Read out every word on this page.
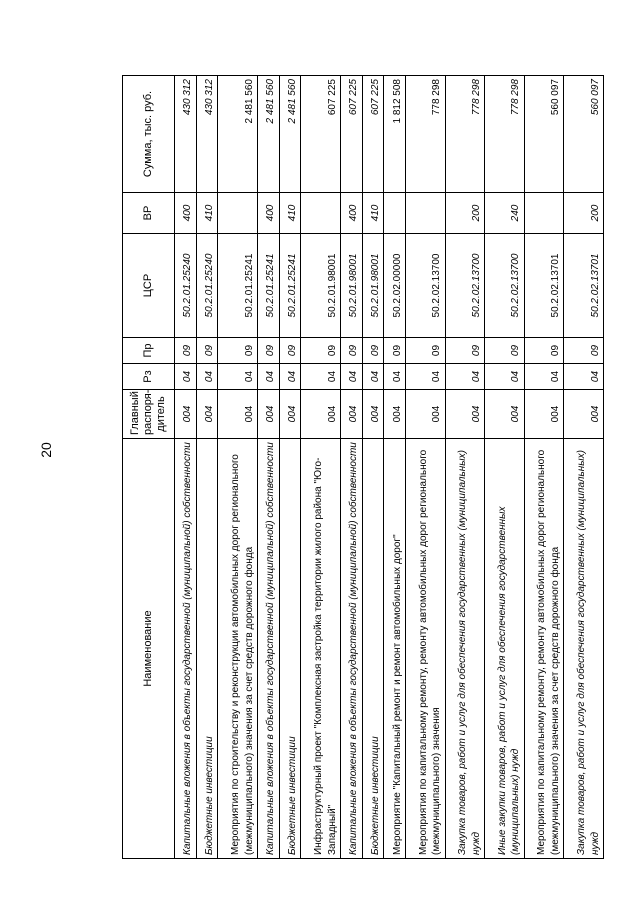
20
Наименование	Главный распоря-дитель	Рз	Пр	ЦСР	ВР	Сумма, тыс. руб.
Капитальные вложения в объекты государственной (муниципальной) собственности	004	04	09	50.2.01.25240	400	430 312
Бюджетные инвестиции	004	04	09	50.2.01.25240	410	430 312
Мероприятия по строительству и реконструкции автомобильных дорог регионального (межмуниципального) значения за счет средств дорожного фонда	004	04	09	50.2.01.25241		2 481 560
Капитальные вложения в объекты государственной (муниципальной) собственности	004	04	09	50.2.01.25241	400	2 481 560
Бюджетные инвестиции	004	04	09	50.2.01.25241	410	2 481 560
Инфраструктурный проект "Комплексная застройка территории жилого района "Юго-Западный"	004	04	09	50.2.01.98001		607 225
Капитальные вложения в объекты государственной (муниципальной) собственности	004	04	09	50.2.01.98001	400	607 225
Бюджетные инвестиции	004	04	09	50.2.01.98001	410	607 225
Мероприятие "Капитальный ремонт и ремонт автомобильных дорог"	004	04	09	50.2.02.00000		1 812 508
Мероприятия по капитальному ремонту, ремонту автомобильных дорог регионального (межмуниципального) значения	004	04	09	50.2.02.13700		778 298
Закупка товаров, работ и услуг для обеспечения государственных (муниципальных) нужд	004	04	09	50.2.02.13700	200	778 298
Иные закупки товаров, работ и услуг для обеспечения государственных (муниципальных) нужд	004	04	09	50.2.02.13700	240	778 298
Мероприятия по капитальному ремонту, ремонту автомобильных дорог регионального (межмуниципального) значения за счет средств дорожного фонда	004	04	09	50.2.02.13701		560 097
Закупка товаров, работ и услуг для обеспечения государственных (муниципальных) нужд	004	04	09	50.2.02.13701	200	560 097
